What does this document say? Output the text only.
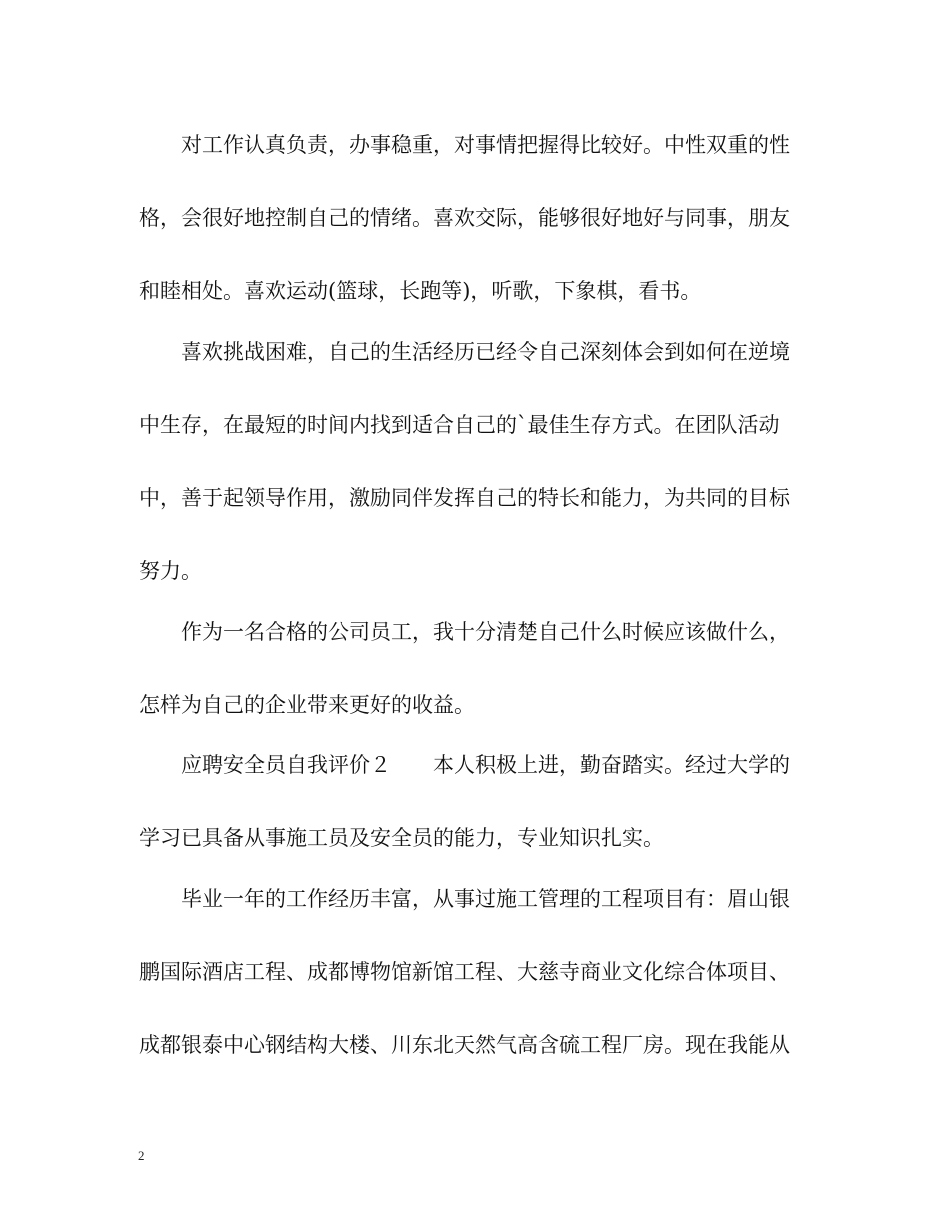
对工作认真负责，办事稳重，对事情把握得比较好。中性双重的性
格，会很好地控制自己的情绪。喜欢交际，能够很好地好与同事，朋友
和睦相处。喜欢运动(篮球，长跑等)，听歌，下象棋，看书。
喜欢挑战困难，自己的生活经历已经令自己深刻体会到如何在逆境
中生存，在最短的时间内找到适合自己的`最佳生存方式。在团队活动
中，善于起领导作用，激励同伴发挥自己的特长和能力，为共同的目标
努力。
作为一名合格的公司员工，我十分清楚自己什么时候应该做什么，
怎样为自己的企业带来更好的收益。
应聘安全员自我评价２　　本人积极上进，勤奋踏实。经过大学的
学习已具备从事施工员及安全员的能力，专业知识扎实。
毕业一年的工作经历丰富，从事过施工管理的工程项目有：眉山银
鹏国际酒店工程、成都博物馆新馆工程、大慈寺商业文化综合体项目、
成都银泰中心钢结构大楼、川东北天然气高含硫工程厂房。现在我能从
2
